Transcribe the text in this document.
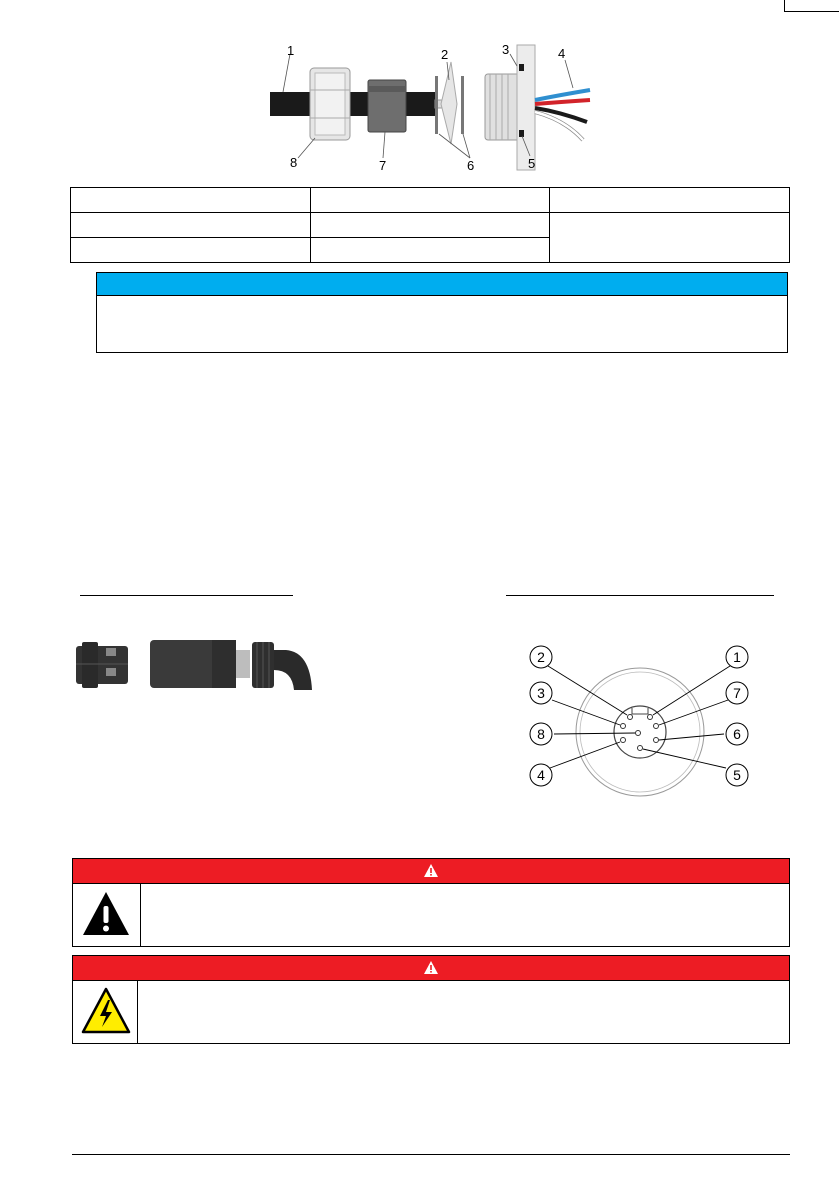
1	2	3	4
5
6
7
8

2	1
3	7
8	6
4	5
